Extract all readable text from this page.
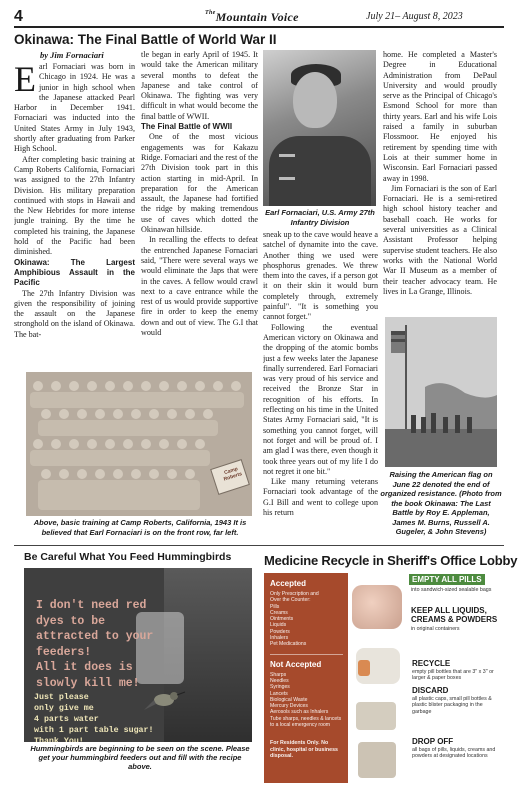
4	$^{The}$Mountain Voice	July 21– August 8, 2023
Okinawa: The Final Battle of World War II
by Jim Fornaciari

Earl Fornaciari was born in Chicago in 1924. He was a junior in high school when the Japanese attacked Pearl Harbor in December 1941. Fornaciari was inducted into the United States Army in July 1943, shortly after graduating from Parker High School.

After completing basic training at Camp Roberts California, Fornaciari was assigned to the 27th Infantry Division. His military preparation continued with stops in Hawaii and the New Hebrides for more intense jungle training. By the time he completed his training, the Japanese hold of the Pacific had been diminished.

Okinawa: The Largest Amphibious Assault in the Pacific

The 27th Infantry Division was given the responsibility of joining the assault on the Japanese stronghold on the island of Okinawa. The bat-

tle began in early April of 1945. It would take the American military several months to defeat the Japanese and take control of Okinawa. The fighting was very difficult in what would become the final battle of WWII.

The Final Battle of WWII

One of the most vicious engagements was for Kakazu Ridge. Fornaciari and the rest of the 27th Division took part in this action starting in mid-April. In preparation for the American assault, the Japanese had fortified the ridge by making tremendous use of caves which dotted the Okinawan hillside.

In recalling the effects to defeat the entrenched Japanese Fornaciari said, "There were several ways we would eliminate the Japs that were in the caves. A fellow would crawl next to a cave entrance while the rest of us would provide supportive fire in order to keep the enemy down and out of view. The G.I that would

Earl Fornaciari, U.S. Army 27th Infantry Division

sneak up to the cave would heave a satchel of dynamite into the cave. Another thing we used were phosphorus grenades. We threw them into the caves, if a person got it on their skin it would burn completely through, extremely painful". "It is something you cannot forget."

Following the eventual American victory on Okinawa and the dropping of the atomic bombs just a few weeks later the Japanese finally surrendered. Earl Fornaciari was very proud of his service and received the Bronze Star in recognition of his efforts. In reflecting on his time in the United States Army Fornaciari said, "It is something you cannot forget, will not forget and will be proud of. I am glad I was there, even though it took three years out of my life I do not regret it one bit."

Like many returning veterans Fornaciari took advantage of the G.I Bill and went to college upon his return

home. He completed a Master's Degree in Educational Administration from DePaul University and would proudly serve as the Principal of Chicago's Esmond School for more than thirty years. Earl and his wife Lois raised a family in suburban Flossmoor. He enjoyed his retirement by spending time with Lois at their summer home in Wisconsin. Earl Fornaciari passed away in 1998.

Jim Fornaciari is the son of Earl Fornaciari. He is a semi-retired high school history teacher and baseball coach. He works for several universities as a Clinical Assistant Professor helping supervise student teachers. He also works with the National World War II Museum as a member of their teacher advocacy team. He lives in La Grange, Illinois.

Camp Roberts
Above, basic training at Camp Roberts, California, 1943 It is believed that Earl Fornaciari is on the front row, far left.
Raising the American flag on June 22 denoted the end of organized resistance. (Photo from the book Okinawa: The Last Battle by Roy E. Appleman, James M. Burns, Russell A. Gugeler, & John Stevens)
Be Careful What You Feed Hummingbirds
I don't need red
dyes to be
attracted to your
feeders!
All it does is
slowly kill me!
Just please
only give me
4 parts water
with 1 part table sugar!
Thank You!
Hummingbirds are beginning to be seen on the scene. Please get your hummingbird feeders out and fill with the recipe above.
Medicine Recycle in Sheriff's Office Lobby
Accepted
Only Prescription and
Over the Counter:
Pills
Creams
Ointments
Liquids
Powders
Inhalers
Pet Medications
Not Accepted
Sharps
Needles
Syringes
Lancets
Biological Waste
Mercury Devices
Aerosols such as Inhalers
Tube sharps, needles & lancets
to a local emergency room
For Residents Only. No clinic, hospital or business disposal.
EMPTY ALL PILLS
into sandwich-sized sealable bags
KEEP ALL LIQUIDS, CREAMS & POWDERS
in original containers
RECYCLE
empty pill bottles that are 3" x 3" or larger & paper boxes
DISCARD
all plastic caps, small pill bottles & plastic blister packaging in the garbage
DROP OFF
all bags of pills, liquids, creams and powders at designated locations
